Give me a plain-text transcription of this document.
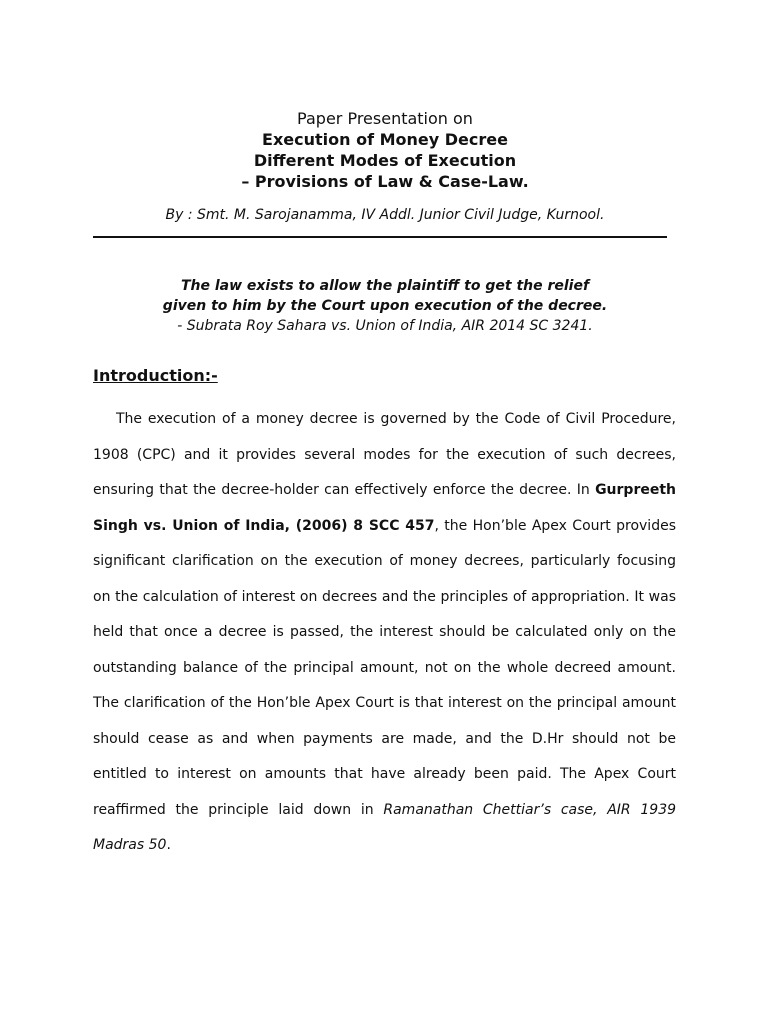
Paper Presentation on
Execution of Money Decree
Different Modes of Execution
– Provisions of Law & Case-Law.
By : Smt. M. Sarojanamma, IV Addl. Junior Civil Judge, Kurnool.
The law exists to allow the plaintiff to get the relief
given to him by the Court upon execution of the decree.
- Subrata Roy Sahara vs. Union of India, AIR 2014 SC 3241.
Introduction:-

The execution of a money decree is governed by the Code of Civil Procedure, 1908 (CPC) and it provides several modes for the execution of such decrees, ensuring that the decree-holder can effectively enforce the decree. In Gurpreeth Singh vs. Union of India, (2006) 8 SCC 457, the Hon’ble Apex Court provides significant clarification on the execution of money decrees, particularly focusing on the calculation of interest on decrees and the principles of appropriation. It was held that once a decree is passed, the interest should be calculated only on the outstanding balance of the principal amount, not on the whole decreed amount. The clarification of the Hon’ble Apex Court is that interest on the principal amount should cease as and when payments are made, and the D.Hr should not be entitled to interest on amounts that have already been paid. The Apex Court reaffirmed the principle laid down in Ramanathan Chettiar’s case, AIR 1939 Madras 50.
